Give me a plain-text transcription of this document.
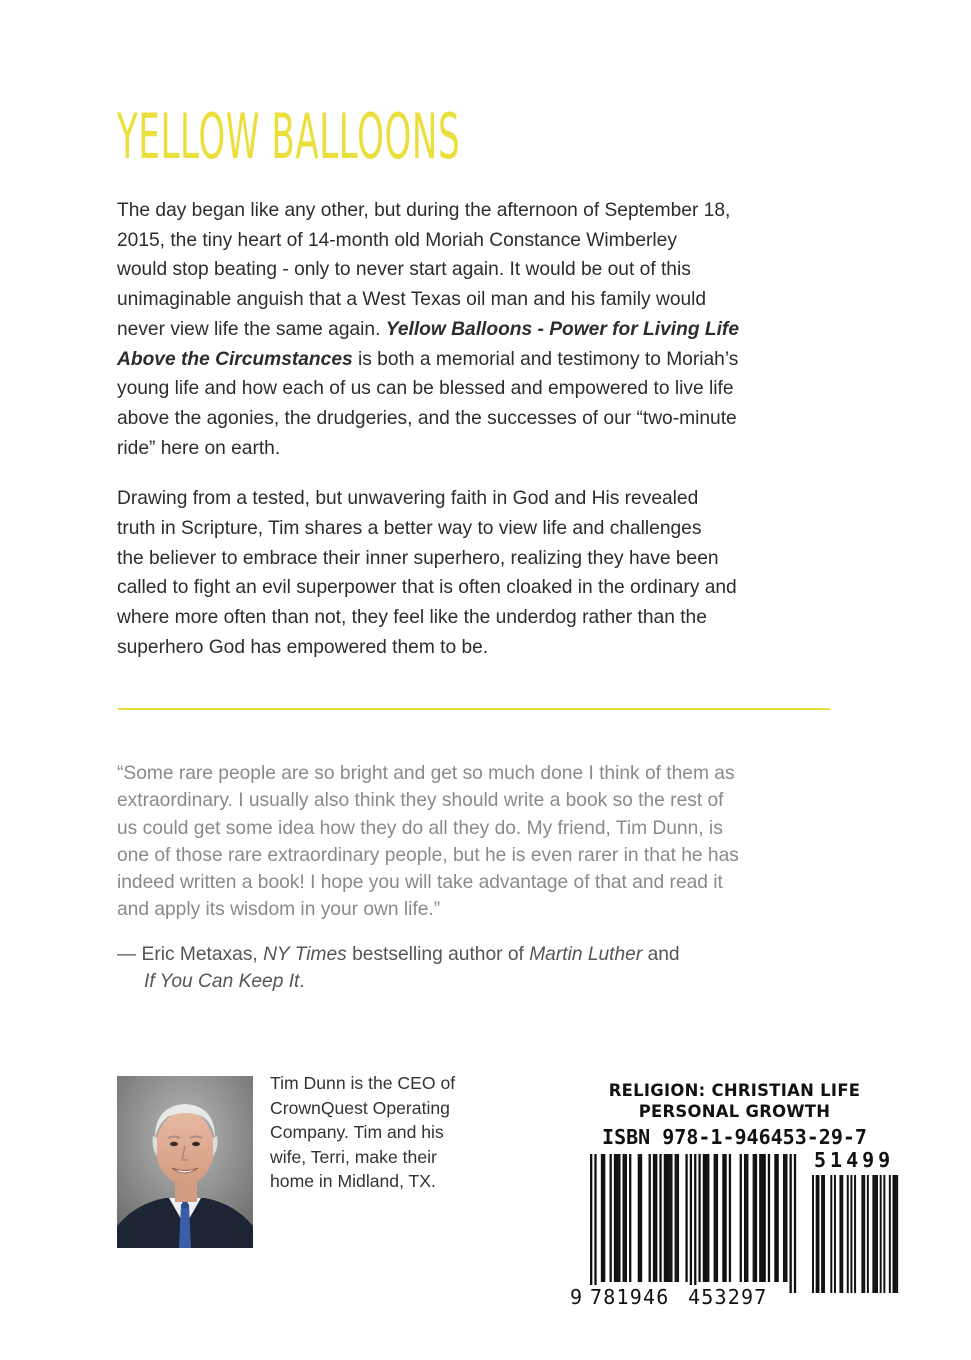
YELLOW BALLOONS

The day began like any other, but during the afternoon of September 18,
2015, the tiny heart of 14-month old Moriah Constance Wimberley
would stop beating - only to never start again. It would be out of this
unimaginable anguish that a West Texas oil man and his family would
never view life the same again. Yellow Balloons - Power for Living Life
Above the Circumstances is both a memorial and testimony to Moriah’s
young life and how each of us can be blessed and empowered to live life
above the agonies, the drudgeries, and the successes of our “two-minute
ride” here on earth.

Drawing from a tested, but unwavering faith in God and His revealed
truth in Scripture, Tim shares a better way to view life and challenges
the believer to embrace their inner superhero, realizing they have been
called to fight an evil superpower that is often cloaked in the ordinary and
where more often than not, they feel like the underdog rather than the
superhero God has empowered them to be.

“Some rare people are so bright and get so much done I think of them as
extraordinary. I usually also think they should write a book so the rest of
us could get some idea how they do all they do. My friend, Tim Dunn, is
one of those rare extraordinary people, but he is even rarer in that he has
indeed written a book! I hope you will take advantage of that and read it
and apply its wisdom in your own life.”
— Eric Metaxas, NY Times bestselling author of Martin Luther and
If You Can Keep It.
Tim Dunn is the CEO of
CrownQuest Operating
Company. Tim and his
wife, Terri, make their
home in Midland, TX.
RELIGION: CHRISTIAN LIFE
PERSONAL GROWTH
ISBN 978-1-946453-29-7
51499
9 781946 453297
